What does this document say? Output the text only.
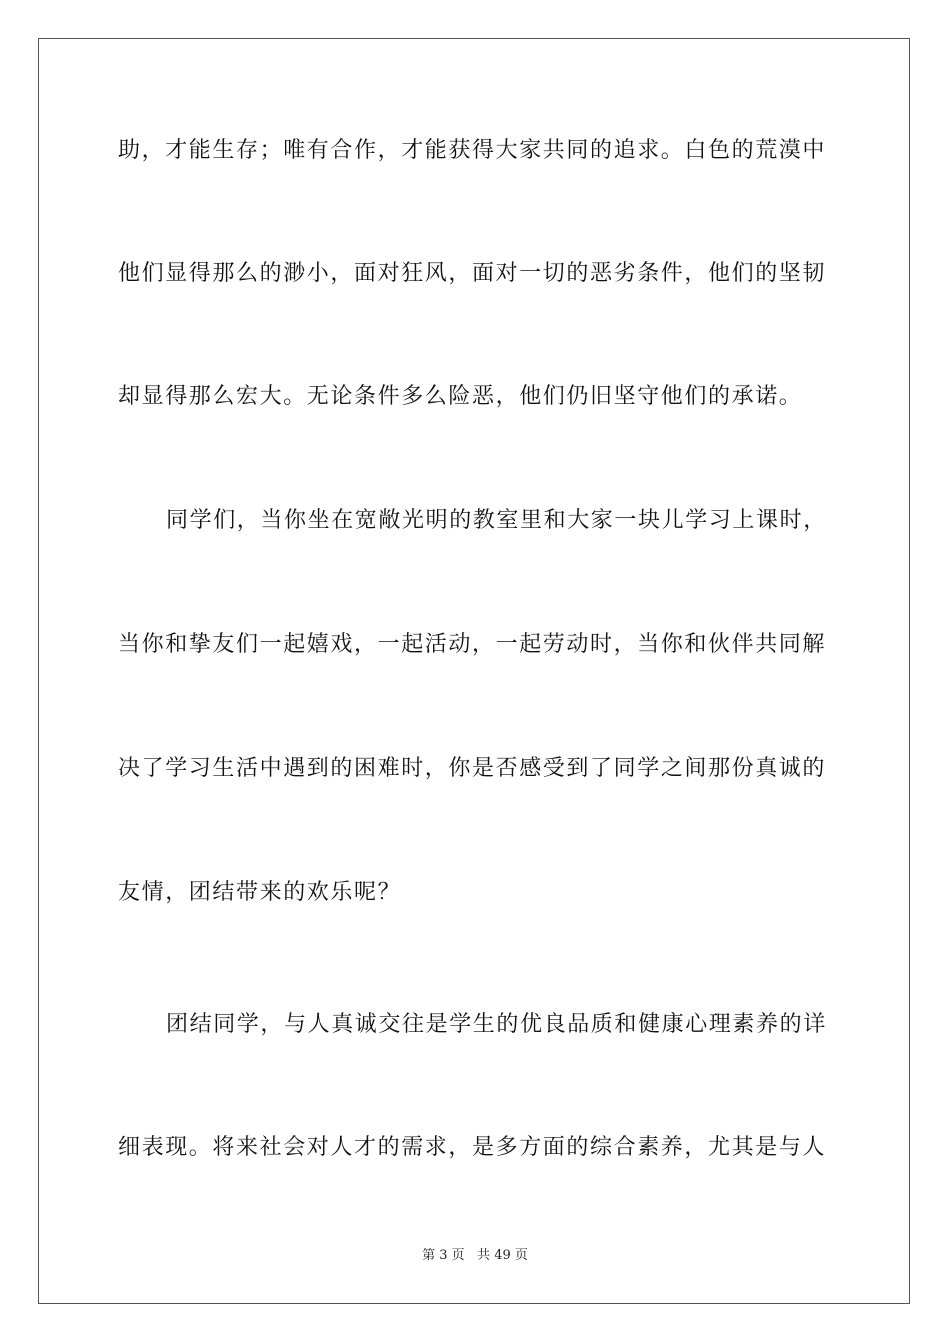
助，才能生存；唯有合作，才能获得大家共同的追求。白色的荒漠中
他们显得那么的渺小，面对狂风，面对一切的恶劣条件，他们的坚韧
却显得那么宏大。无论条件多么险恶，他们仍旧坚守他们的承诺。
同学们，当你坐在宽敞光明的教室里和大家一块儿学习上课时，
当你和挚友们一起嬉戏，一起活动，一起劳动时，当你和伙伴共同解
决了学习生活中遇到的困难时，你是否感受到了同学之间那份真诚的
友情，团结带来的欢乐呢？
团结同学，与人真诚交往是学生的优良品质和健康心理素养的详
细表现。将来社会对人才的需求，是多方面的综合素养，尤其是与人
第 3 页   共 49 页
